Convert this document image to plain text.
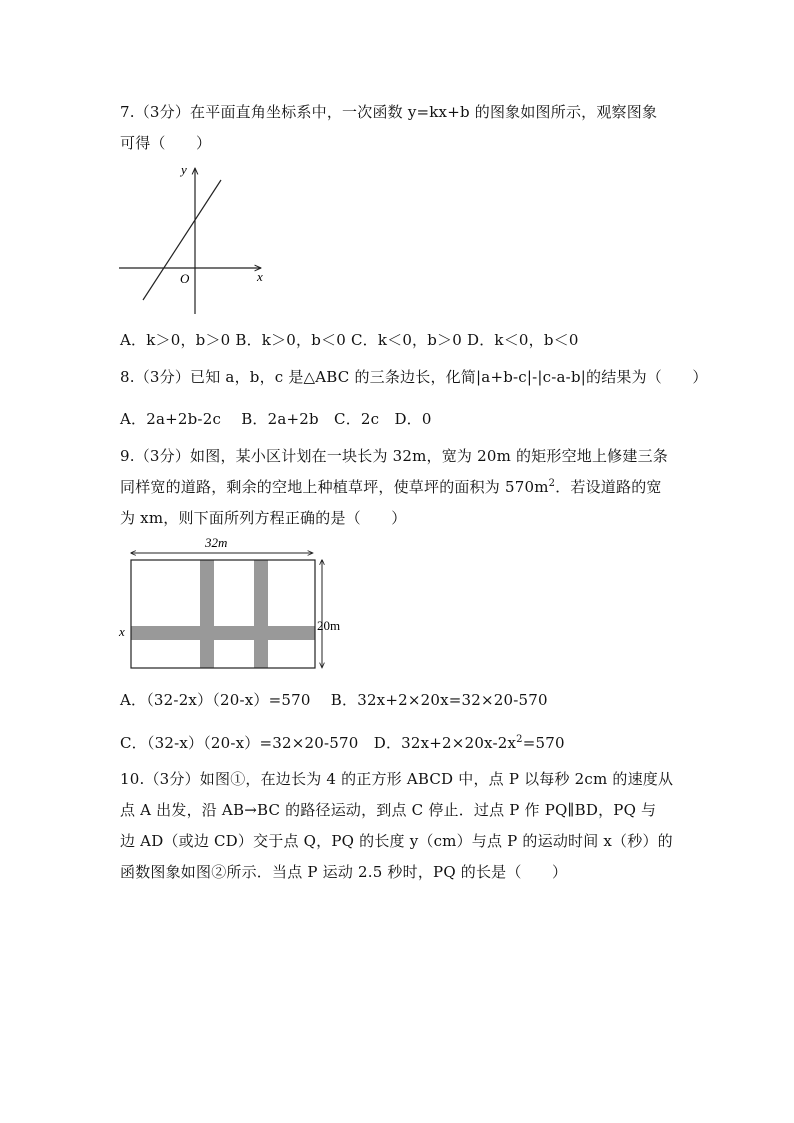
7.（3分）在平面直角坐标系中，一次函数 y=kx+b 的图象如图所示，观察图象
可得（　　）
y
x
O
A．k＞0，b＞0 B．k＞0，b＜0 C．k＜0，b＞0 D．k＜0，b＜0
8.（3分）已知 a，b，c 是△ABC 的三条边长，化简|a+b-c|-|c-a-b|的结果为（　　）
A．2a+2b-2c　 B．2a+2b　C．2c　D．0
9.（3分）如图，某小区计划在一块长为 32m，宽为 20m 的矩形空地上修建三条
同样宽的道路，剩余的空地上种植草坪，使草坪的面积为 $570m^2$．若设道路的宽
为 xm，则下面所列方程正确的是（　　）
32m
20m
x
A．（32-2x）（20-x）=570　 B．32x+2×20x=32×20-570
C．（32-x）（20-x）=32×20-570　D．$32x+2\times 20x-2x^2=570$
10.（3分）如图①，在边长为 4 的正方形 ABCD 中，点 P 以每秒 2cm 的速度从
点 A 出发，沿 AB→BC 的路径运动，到点 C 停止．过点 P 作 PQ∥BD，PQ 与
边 AD（或边 CD）交于点 Q，PQ 的长度 y（cm）与点 P 的运动时间 x（秒）的
函数图象如图②所示．当点 P 运动 2.5 秒时，PQ 的长是（　　）
